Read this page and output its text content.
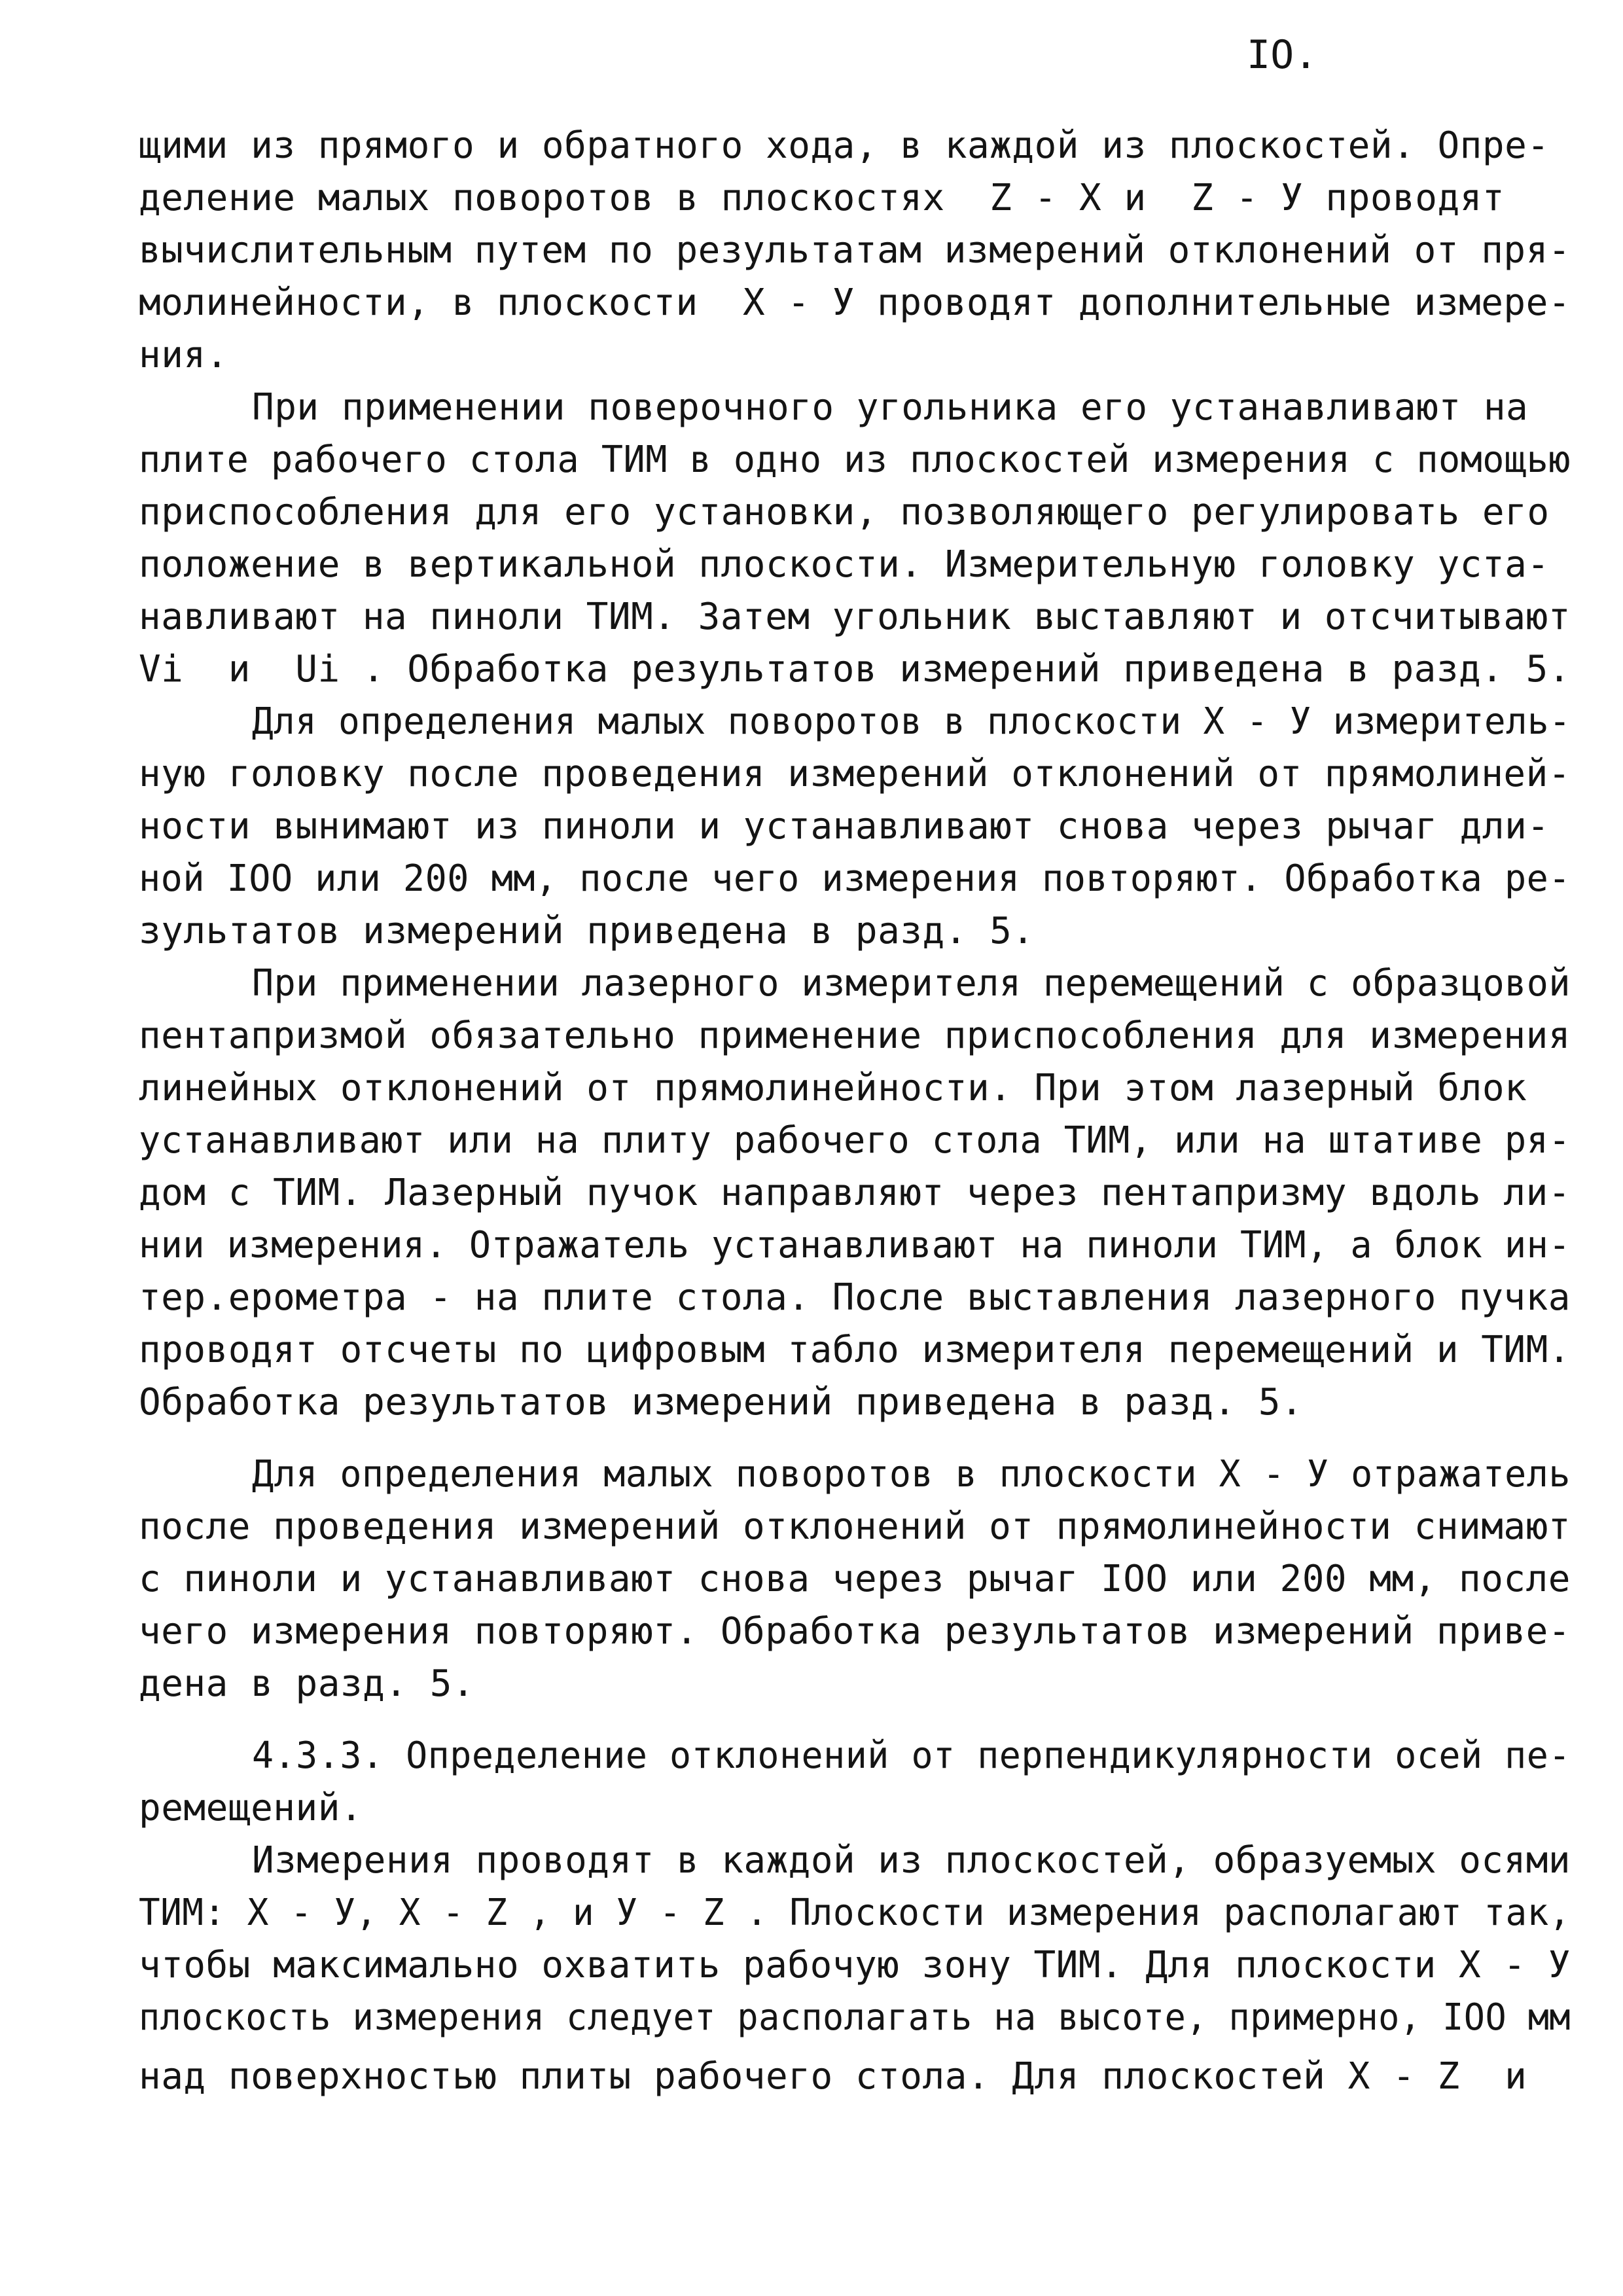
IO.
щими из прямого и обратного хода, в каждой из плоскостей. Опре-
деление малых поворотов в плоскостях  Z - X и  Z - У проводят
вычислительным путем по результатам измерений отклонений от пря-
молинейности, в плоскости  X - У проводят дополнительные измере-
ния.
При применении поверочного угольника его устанавливают на
плите рабочего стола ТИМ в одно из плоскостей измерения с помощью
приспособления для его установки, позволяющего регулировать его
положение в вертикальной плоскости. Измерительную головку уста-
навливают на пиноли ТИМ. Затем угольник выставляют и отсчитывают
Vi  и  Ui . Обработка результатов измерений приведена в разд. 5.
Для определения малых поворотов в плоскости X - У измеритель-
ную головку после проведения измерений отклонений от прямолиней-
ности вынимают из пиноли и устанавливают снова через рычаг дли-
ной IOO или 200 мм, после чего измерения повторяют. Обработка ре-
зультатов измерений приведена в разд. 5.
При применении лазерного измерителя перемещений с образцовой
пентапризмой обязательно применение приспособления для измерения
линейных отклонений от прямолинейности. При этом лазерный блок
устанавливают или на плиту рабочего стола ТИМ, или на штативе ря-
дом с ТИМ. Лазерный пучок направляют через пентапризму вдоль ли-
нии измерения. Отражатель устанавливают на пиноли ТИМ, а блок ин-
тер.ерометра - на плите стола. После выставления лазерного пучка
проводят отсчеты по цифровым табло измерителя перемещений и ТИМ.
Обработка результатов измерений приведена в разд. 5.
Для определения малых поворотов в плоскости X - У отражатель
после проведения измерений отклонений от прямолинейности снимают
с пиноли и устанавливают снова через рычаг IOO или 200 мм, после
чего измерения повторяют. Обработка результатов измерений приве-
дена в разд. 5.
4.3.3. Определение отклонений от перпендикулярности осей пе-
ремещений.
Измерения проводят в каждой из плоскостей, образуемых осями
ТИМ: X - У, X - Z , и У - Z . Плоскости измерения располагают так,
чтобы максимально охватить рабочую зону ТИМ. Для плоскости X - У
плоскость измерения следует располагать на высоте, примерно, IOO мм
над поверхностью плиты рабочего стола. Для плоскостей X - Z  и
